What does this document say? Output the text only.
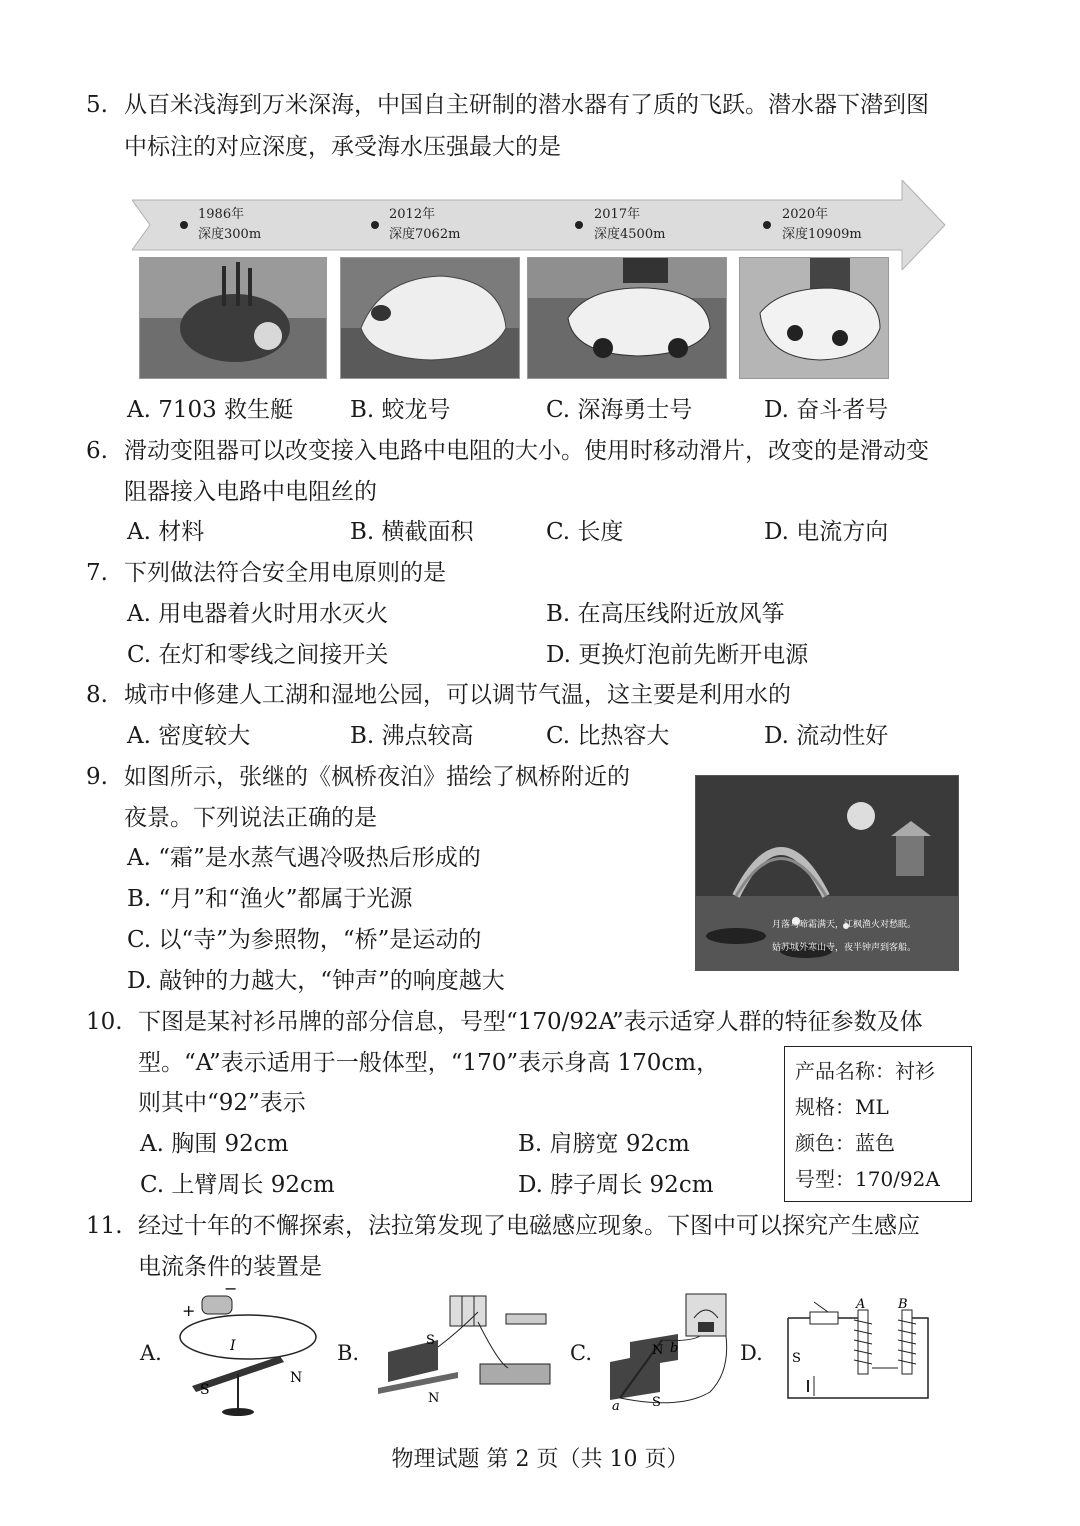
5. 从百米浅海到万米深海，中国自主研制的潜水器有了质的飞跃。潜水器下潜到图
中标注的对应深度，承受海水压强最大的是
1986年
深度300m
2012年
深度7062m
2017年
深度4500m
2020年
深度10909m
A. 7103 救生艇 B. 蛟龙号	C. 深海勇士号	D. 奋斗者号
6. 滑动变阻器可以改变接入电路中电阻的大小。使用时移动滑片，改变的是滑动变
阻器接入电路中电阻丝的
A. 材料	B. 横截面积	C. 长度	D. 电流方向
7. 下列做法符合安全用电原则的是
A. 用电器着火时用水灭火	B. 在高压线附近放风筝
C. 在灯和零线之间接开关	D. 更换灯泡前先断开电源
8. 城市中修建人工湖和湿地公园，可以调节气温，这主要是利用水的
A. 密度较大	B. 沸点较高	C. 比热容大	D. 流动性好
9. 如图所示，张继的《枫桥夜泊》描绘了枫桥附近的
夜景。下列说法正确的是
A. “霜”是水蒸气遇冷吸热后形成的
B. “月”和“渔火”都属于光源
C. 以“寺”为参照物，“桥”是运动的
D. 敲钟的力越大，“钟声”的响度越大
月落乌啼霜满天，江枫渔火对愁眠。
姑苏城外寒山寺，夜半钟声到客船。
10. 下图是某衬衫吊牌的部分信息，号型“170/92A”表示适穿人群的特征参数及体
型。“A”表示适用于一般体型，“170”表示身高 170cm，
则其中“92”表示
A. 胸围 92cm	B. 肩膀宽 92cm
C. 上臂周长 92cm	D. 脖子周长 92cm
产品名称：衬衫
规格：ML
颜色：蓝色
号型：170/92A
11. 经过十年的不懈探索，法拉第发现了电磁感应现象。下图中可以探究产生感应
电流条件的装置是
A.	B.	C.	D.
+
−
I
S
N
S
N
N b
a S
A	B
S
物理试题 第 2 页（共 10 页）
